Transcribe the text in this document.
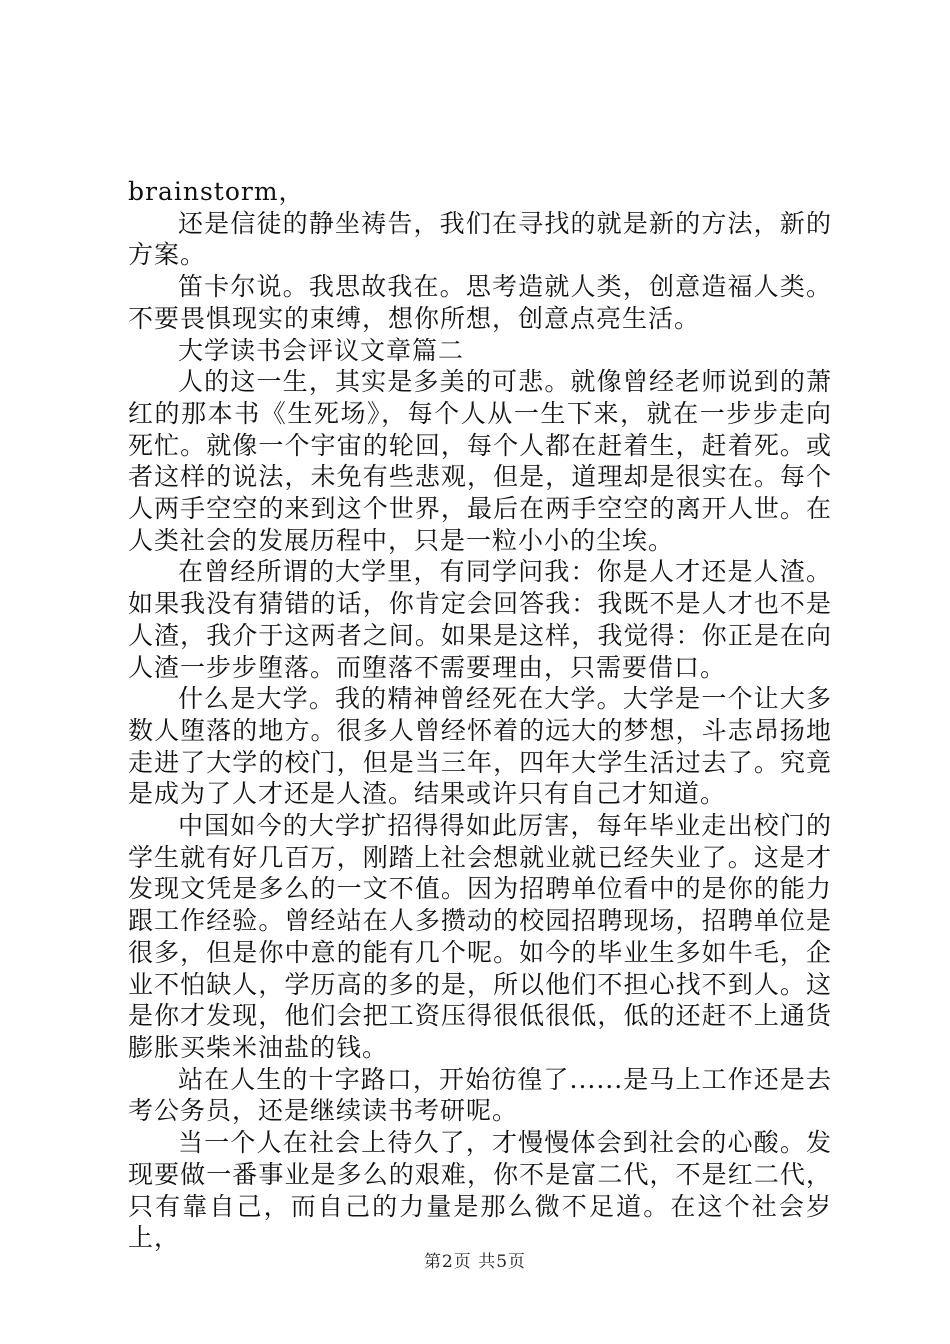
brainstorm，

还是信徒的静坐祷告，我们在寻找的就是新的方法，新的方案。

笛卡尔说。我思故我在。思考造就人类，创意造福人类。不要畏惧现实的束缚，想你所想，创意点亮生活。

大学读书会评议文章篇二

人的这一生，其实是多美的可悲。就像曾经老师说到的萧红的那本书《生死场》，每个人从一生下来，就在一步步走向死忙。就像一个宇宙的轮回，每个人都在赶着生，赶着死。或者这样的说法，未免有些悲观，但是，道理却是很实在。每个人两手空空的来到这个世界，最后在两手空空的离开人世。在人类社会的发展历程中，只是一粒小小的尘埃。

在曾经所谓的大学里，有同学问我：你是人才还是人渣。如果我没有猜错的话，你肯定会回答我：我既不是人才也不是人渣，我介于这两者之间。如果是这样，我觉得：你正是在向人渣一步步堕落。而堕落不需要理由，只需要借口。

什么是大学。我的精神曾经死在大学。大学是一个让大多数人堕落的地方。很多人曾经怀着的远大的梦想，斗志昂扬地走进了大学的校门，但是当三年，四年大学生活过去了。究竟是成为了人才还是人渣。结果或许只有自己才知道。

中国如今的大学扩招得得如此厉害，每年毕业走出校门的学生就有好几百万，刚踏上社会想就业就已经失业了。这是才发现文凭是多么的一文不值。因为招聘单位看中的是你的能力跟工作经验。曾经站在人多攒动的校园招聘现场，招聘单位是很多，但是你中意的能有几个呢。如今的毕业生多如牛毛，企业不怕缺人，学历高的多的是，所以他们不担心找不到人。这是你才发现，他们会把工资压得很低很低，低的还赶不上通货膨胀买柴米油盐的钱。

站在人生的十字路口，开始彷徨了......是马上工作还是去考公务员，还是继续读书考研呢。

当一个人在社会上待久了，才慢慢体会到社会的心酸。发现要做一番事业是多么的艰难，你不是富二代，不是红二代，只有靠自己，而自己的力量是那么微不足道。在这个社会岁上，

第2页 共5页
